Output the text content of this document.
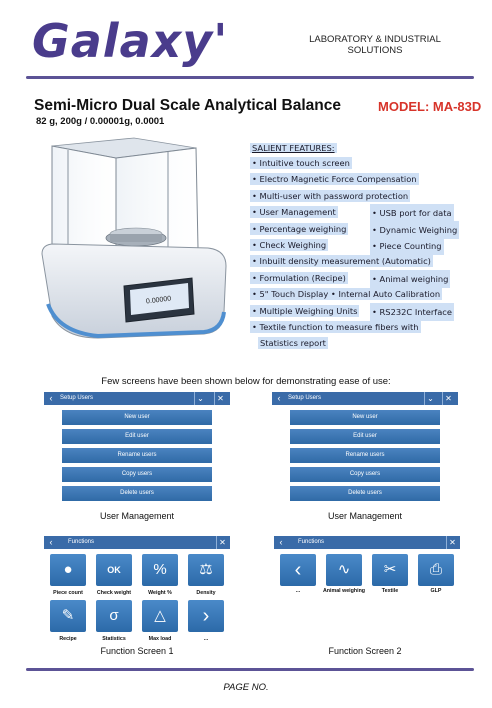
Galaxy'	LABORATORY & INDUSTRIAL
SOLUTIONS
Semi-Micro Dual Scale Analytical Balance	MODEL: MA-83D
82 g, 200g / 0.00001g, 0.0001
0.00000
SALIENT FEATURES:
• Intuitive touch screen
• Electro Magnetic Force Compensation
• Multi-user with password protection
• User Management	• USB port for data
• Percentage weighing	• Dynamic Weighing
• Check Weighing	• Piece Counting
• Inbuilt density measurement (Automatic)
• Formulation (Recipe)	• Animal weighing
• 5" Touch Display • Internal Auto Calibration
• Multiple Weighing Units • RS232C Interface
• Textile function to measure fibers with
Statistics report
Few screens have been shown below for demonstrating ease of use:
‹	Setup Users	⌄	✕
New user
Edit user
Rename users
Copy users
Delete users
User Management
‹	Setup Users	⌄	✕
New user
Edit user
Rename users
Copy users
Delete users
User Management
‹	Functions	✕
●
Piece count
OK
Check weight
%
Weight %
⚖
Density
✎
Recipe
σ
Statistics
△
Max load
›
...
Function Screen 1
‹	Functions	✕
‹
...
∿
Animal weighing
✂
Textile
⎙
GLP
Function Screen 2
PAGE NO.
